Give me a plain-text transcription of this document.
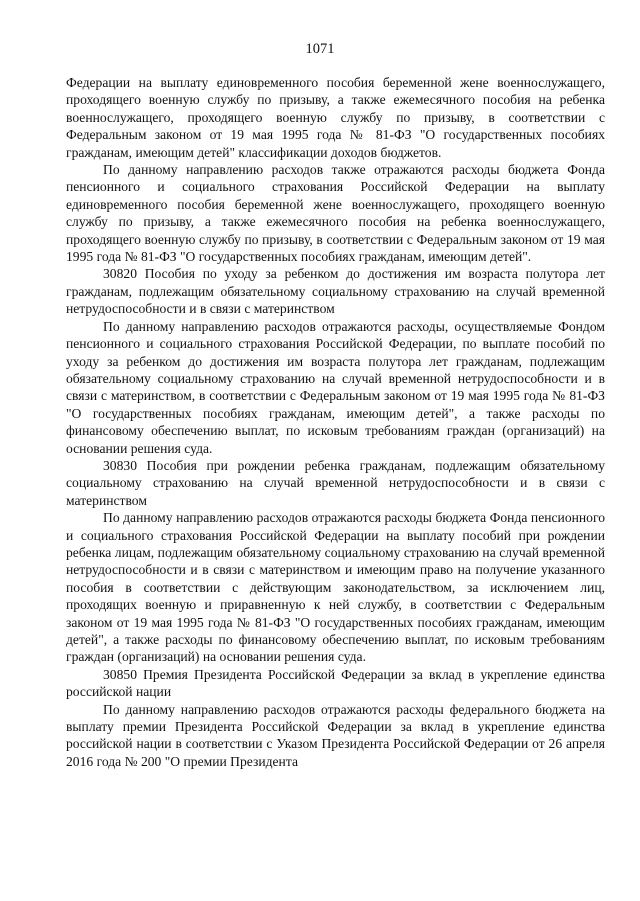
1071

Федерации на выплату единовременного пособия беременной жене военнослужащего, проходящего военную службу по призыву, а также ежемесячного пособия на ребенка военнослужащего, проходящего военную службу по призыву, в соответствии с Федеральным законом от 19 мая 1995 года № 81-ФЗ "О государственных пособиях гражданам, имеющим детей" классификации доходов бюджетов.

По данному направлению расходов также отражаются расходы бюджета Фонда пенсионного и социального страхования Российской Федерации на выплату единовременного пособия беременной жене военнослужащего, проходящего военную службу по призыву, а также ежемесячного пособия на ребенка военнослужащего, проходящего военную службу по призыву, в соответствии с Федеральным законом от 19 мая 1995 года № 81-ФЗ "О государственных пособиях гражданам, имеющим детей".

30820 Пособия по уходу за ребенком до достижения им возраста полутора лет гражданам, подлежащим обязательному социальному страхованию на случай временной нетрудоспособности и в связи с материнством

По данному направлению расходов отражаются расходы, осуществляемые Фондом пенсионного и социального страхования Российской Федерации, по выплате пособий по уходу за ребенком до достижения им возраста полутора лет гражданам, подлежащим обязательному социальному страхованию на случай временной нетрудоспособности и в связи с материнством, в соответствии с Федеральным законом от 19 мая 1995 года № 81-ФЗ "О государственных пособиях гражданам, имеющим детей", а также расходы по финансовому обеспечению выплат, по исковым требованиям граждан (организаций) на основании решения суда.

30830 Пособия при рождении ребенка гражданам, подлежащим обязательному социальному страхованию на случай временной нетрудоспособности и в связи с материнством

По данному направлению расходов отражаются расходы бюджета Фонда пенсионного и социального страхования Российской Федерации на выплату пособий при рождении ребенка лицам, подлежащим обязательному социальному страхованию на случай временной нетрудоспособности и в связи с материнством и имеющим право на получение указанного пособия в соответствии с действующим законодательством, за исключением лиц, проходящих военную и приравненную к ней службу, в соответствии с Федеральным законом от 19 мая 1995 года № 81-ФЗ "О государственных пособиях гражданам, имеющим детей", а также расходы по финансовому обеспечению выплат, по исковым требованиям граждан (организаций) на основании решения суда.

30850 Премия Президента Российской Федерации за вклад в укрепление единства российской нации

По данному направлению расходов отражаются расходы федерального бюджета на выплату премии Президента Российской Федерации за вклад в укрепление единства российской нации в соответствии с Указом Президента Российской Федерации от 26 апреля 2016 года № 200 "О премии Президента
